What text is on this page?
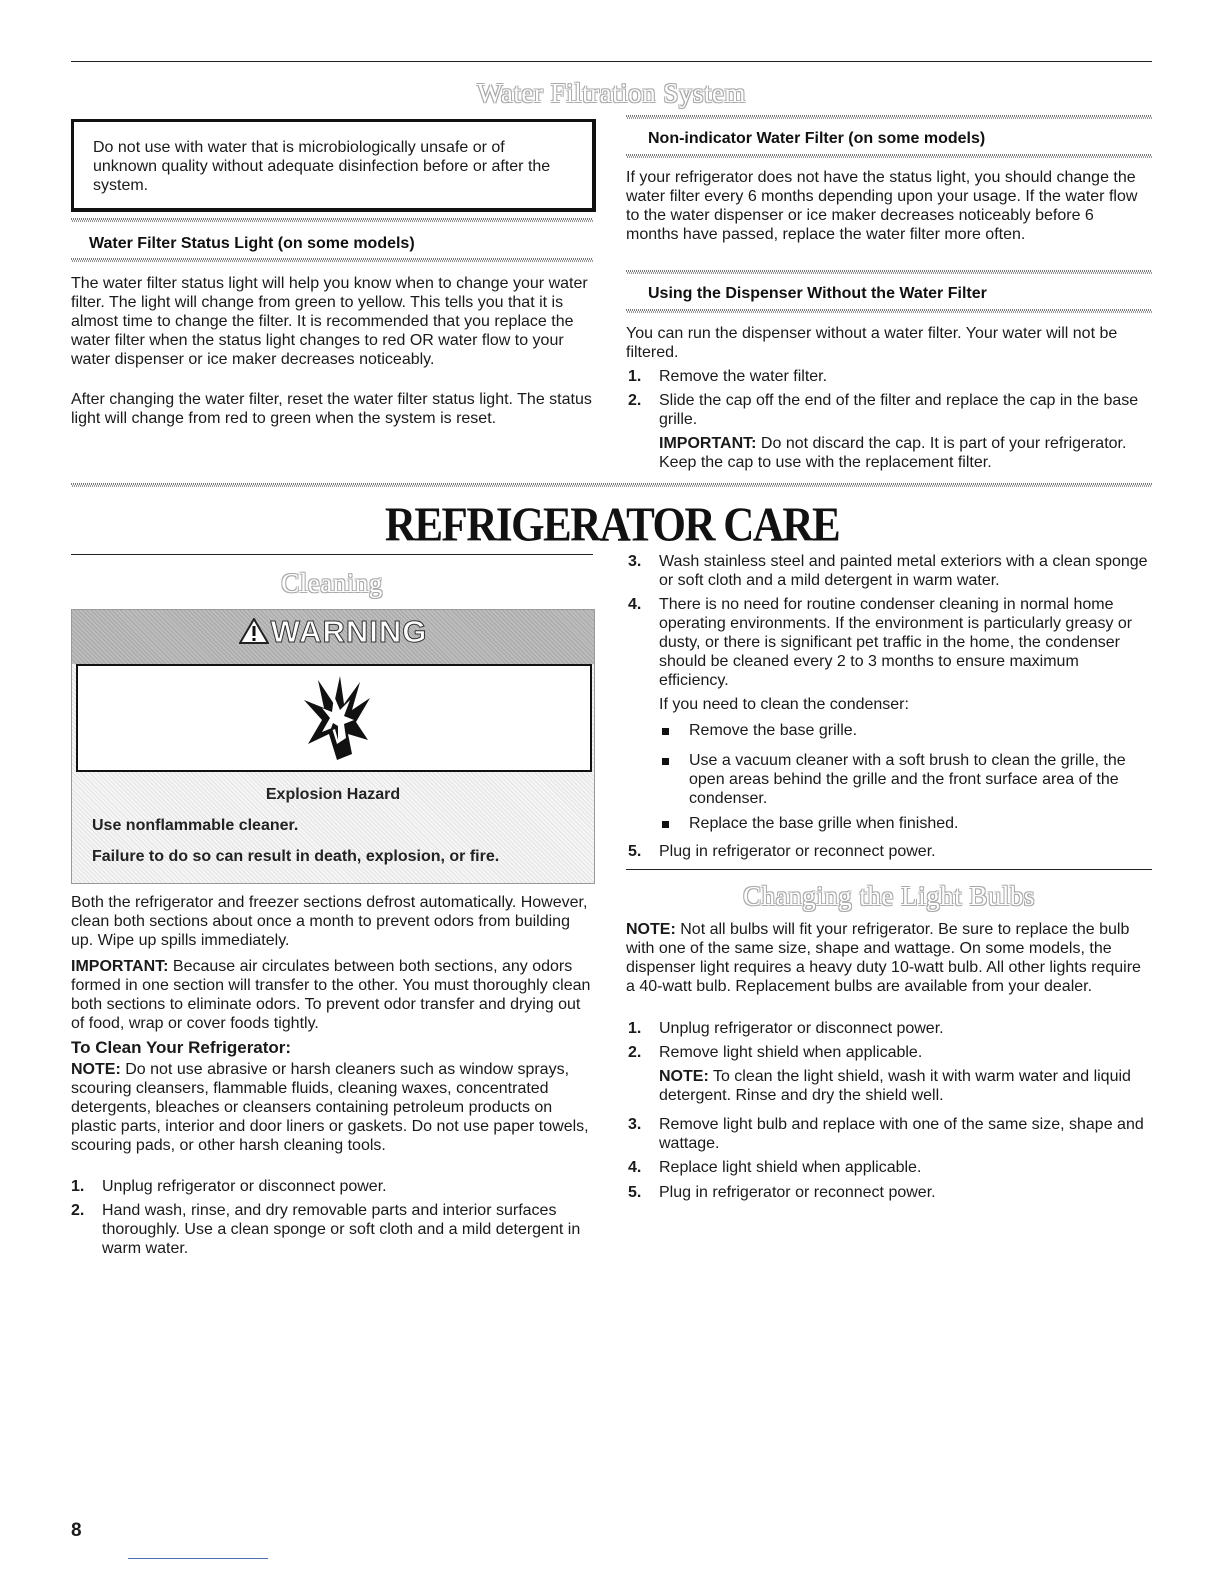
Water Filtration System

Do not use with water that is microbiologically unsafe or of unknown quality without adequate disinfection before or after the system.

Water Filter Status Light (on some models)

The water filter status light will help you know when to change your water filter. The light will change from green to yellow. This tells you that it is almost time to change the filter. It is recommended that you replace the water filter when the status light changes to red OR water flow to your water dispenser or ice maker decreases noticeably.

After changing the water filter, reset the water filter status light. The status light will change from red to green when the system is reset.

Non-indicator Water Filter (on some models)

If your refrigerator does not have the status light, you should change the water filter every 6 months depending upon your usage. If the water flow to the water dispenser or ice maker decreases noticeably before 6 months have passed, replace the water filter more often.

Using the Dispenser Without the Water Filter

You can run the dispenser without a water filter. Your water will not be filtered.

1. Remove the water filter.
2. Slide the cap off the end of the filter and replace the cap in the base grille.

IMPORTANT: Do not discard the cap. It is part of your refrigerator. Keep the cap to use with the replacement filter.

REFRIGERATOR CARE
Cleaning
WARNING
Explosion Hazard
Use nonflammable cleaner.
Failure to do so can result in death, explosion, or fire.

Both the refrigerator and freezer sections defrost automatically. However, clean both sections about once a month to prevent odors from building up. Wipe up spills immediately.

IMPORTANT: Because air circulates between both sections, any odors formed in one section will transfer to the other. You must thoroughly clean both sections to eliminate odors. To prevent odor transfer and drying out of food, wrap or cover foods tightly.

To Clean Your Refrigerator:

NOTE: Do not use abrasive or harsh cleaners such as window sprays, scouring cleansers, flammable fluids, cleaning waxes, concentrated detergents, bleaches or cleansers containing petroleum products on plastic parts, interior and door liners or gaskets. Do not use paper towels, scouring pads, or other harsh cleaning tools.

1. Unplug refrigerator or disconnect power.
2. Hand wash, rinse, and dry removable parts and interior surfaces thoroughly. Use a clean sponge or soft cloth and a mild detergent in warm water.
3. Wash stainless steel and painted metal exteriors with a clean sponge or soft cloth and a mild detergent in warm water.
4. There is no need for routine condenser cleaning in normal home operating environments. If the environment is particularly greasy or dusty, or there is significant pet traffic in the home, the condenser should be cleaned every 2 to 3 months to ensure maximum efficiency.
If you need to clean the condenser:
Remove the base grille.
Use a vacuum cleaner with a soft brush to clean the grille, the open areas behind the grille and the front surface area of the condenser.
Replace the base grille when finished.
5. Plug in refrigerator or reconnect power.
Changing the Light Bulbs

NOTE: Not all bulbs will fit your refrigerator. Be sure to replace the bulb with one of the same size, shape and wattage. On some models, the dispenser light requires a heavy duty 10-watt bulb. All other lights require a 40-watt bulb. Replacement bulbs are available from your dealer.

1. Unplug refrigerator or disconnect power.
2. Remove light shield when applicable.

NOTE: To clean the light shield, wash it with warm water and liquid detergent. Rinse and dry the shield well.

3. Remove light bulb and replace with one of the same size, shape and wattage.
4. Replace light shield when applicable.
5. Plug in refrigerator or reconnect power.
8
